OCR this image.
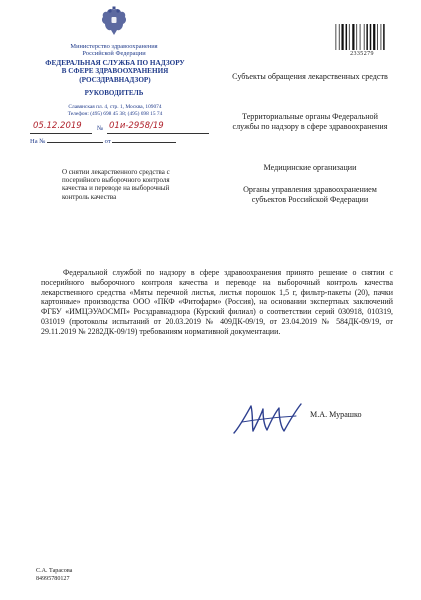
Министерство здравоохранения
Российской Федерации
ФЕДЕРАЛЬНАЯ СЛУЖБА ПО НАДЗОРУ
В СФЕРЕ ЗДРАВООХРАНЕНИЯ
(РОСЗДРАВНАДЗОР)
РУКОВОДИТЕЛЬ
Славянская пл. 4, стр. 1, Москва, 109074
Телефон: (495) 698 45 38; (495) 698 15 74
05.12.2019 № 01и-2958/19
На №	от
О снятии лекарственного средства с посерийного выборочного контроля качества и переводе на выборочный контроль качества
2335279
Субъекты обращения лекарственных средств
Территориальные органы Федеральной службы по надзору в сфере здравоохранения
Медицинские организации
Органы управления здравоохранением субъектов Российской Федерации

Федеральной службой по надзору в сфере здравоохранения принято решение о снятии с посерийного выборочного контроля качества и переводе на выборочный контроль качества лекарственного средства «Мяты перечной листья, листья порошок 1,5 г, фильтр-пакеты (20), пачки картонные» производства ООО «ПКФ «Фитофарм» (Россия), на основании экспертных заключений ФГБУ «ИМЦЭУАОСМП» Росздравнадзора (Курский филиал) о соответствии серий 030918, 010319, 031019 (протоколы испытаний от 20.03.2019 № 409ДК-09/19, от 23.04.2019 № 584ДК-09/19, от 29.11.2019 № 2282ДК-09/19) требованиям нормативной документации.

М.А. Мурашко
С.А. Тарасова
84995780127
